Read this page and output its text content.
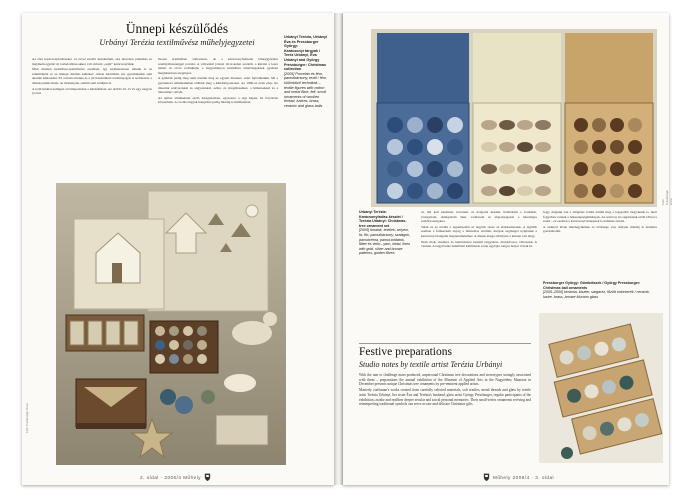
Ünnepi készülődés
Urbányi Terézia textilművész műhelyjegyzetei

Az első karácsonyfadíszeket 14 évvel ezelőtt készítettem, oka meróben praktikus és majdnem egyéni: új csaladomban akkor volt először „saját” karácsonyfánk.

Mint minden kézműves-iparművész esetében, így természetesen nálunk is az számítóként ér az ünnepi díszítés kellékei: otthon készültek, kis gyermekeink sem akartak kimaradni. Ez a közös munka és a jól használható textilanyagok is techni-kát, a díszek puhák lettek, ne törékenyek, semmi sem sérüljön el.

A boltí kínálat nemigen ad támpontokat a kindulásban. Az utóbbi 10–15 év egy nagyon jó érzé

mosan értelmében változások, de a karácsonyfadíszek tömeggyártása szemlyéltelenéggel pótoltá. A változatát jórészt távol-keleti eredetű, a kínálat a leszs ismert és olcsó technikájú, a hagyományos kézműves lehetőségeknek gyakran meglehetősen szegényes.

A galériák pedig meg nem érezték meg az egyéni díszeket, ezért fejlődhetünk. Mi a gyerekkori emlékeinkben találtuk meg a kiindulópontokat. Az 1960-as évek eleje óta díszeink szalvarokkal és angyalokkal, ezüst- és üvegdíszekkel, a hímzésekkel és a tűzzománc szívek.

Az ember emlékeinek szóló lebegtetésben, egyszerre a régi képek, ha folytatást követelnek. A csodás tárgyak hangulata pedig mindig is múlhatatlan.

Urbányi Terézia, Urbányi Éva és Pressburger György:
Karácsonyi tárgyak / Teréz Urbányi, Éva Urbányi and György Pressburger: Christmas collection
[2005] Porcelán és fém, pamutbársony, textil / fém, különböző technikák – textile figures with cotton and metal fibre, felt, scroll ornaments of woollen thread, lustres, brass, ceramic and glass balls
Fotó: Pressburger Anna
2. oldal · 2006/4 Műhely
Fotó: Pressburger Anna
Urbányi Terézia:
Karácsonyfadísz-készlet / Terézia Urbányi: Christmas-tree ornament set
[2005] fonalak, textilek, selyem, fa, filc, pamutbársony, szalagok, pamutcérna, pamut-toldatok, flitter és velúr– yarn, bead, linen with gold, silver and bronze patterns, golden fibres

ni, mit kell készíteni, követem, és dolgozni kezdek. Kitaláltam a formákat, javítgattam, delelgettem őket, vadászom az alapanyagokat a lehetséges szabályosságokra.

Talán ez az utóbbi a legnehezebb és legjobb része az előkészítésnek. A legtöbb esetben a felhasznált anyag a fémszálas textilek, melyek segítséget nyújtanak a karácsonyi hangulat megteremtéséhez. A díszek alapja többnyire a készen vett tárgy.

Nem titok, eladásra és bemutatásra készült tárgyakon, díszdobozos változatok is vannak. A négyévente ismétlődő kiállítások során egyfajta rangos helyet vívtak ki.

hogy dolgunk van a világban: leltári értékű meg a legapróbb tárgyaknak is, mert fogyóban vannak a békeszépségélmények. Az sem baj, ha sugárzásuk révül idővel a szerű – ez esetben a karácsonyi ünnepnek is érdemes tartani.

A szakiról élvek mindegyikének az öröksége van, melyek mindig is érdemes gondolkodni.

Pressburger György: Gömbdíszek / György Pressburger: Christmas ball ornaments
[2005–2006] kerámia, lüszter, sárgaréz, fűzött ónkeverék / ceramic, lustre, brass, bronze Murano glass
Festive preparations
Studio notes by textile artist Terézia Urbányi

With the aim to challenge mass-produced, unpersonal Christmas tree decorations and stereotypes strongly associated with them – preparations the annual exhibition of the Museum of Applied Arts in the Nagytétény Mansion in December presents unique Christmas tree ornaments by pre-eminent applied artists.

Masterly craftsman's works created from carefully selected materials, soft textiles, metal threads and glass by textile artist Terézia Urbányi, her sister Éva and Terézia's husband, glass artist György Pressburger, regular participants of the exhibition, awake and reaffirm deeper secular and sacral personal memories. Their small-series ornaments reviving and reinterpreting traditional symbols can serve as raw and delicate Christmas gifts.

Műhely 2006/4 · 3. oldal
